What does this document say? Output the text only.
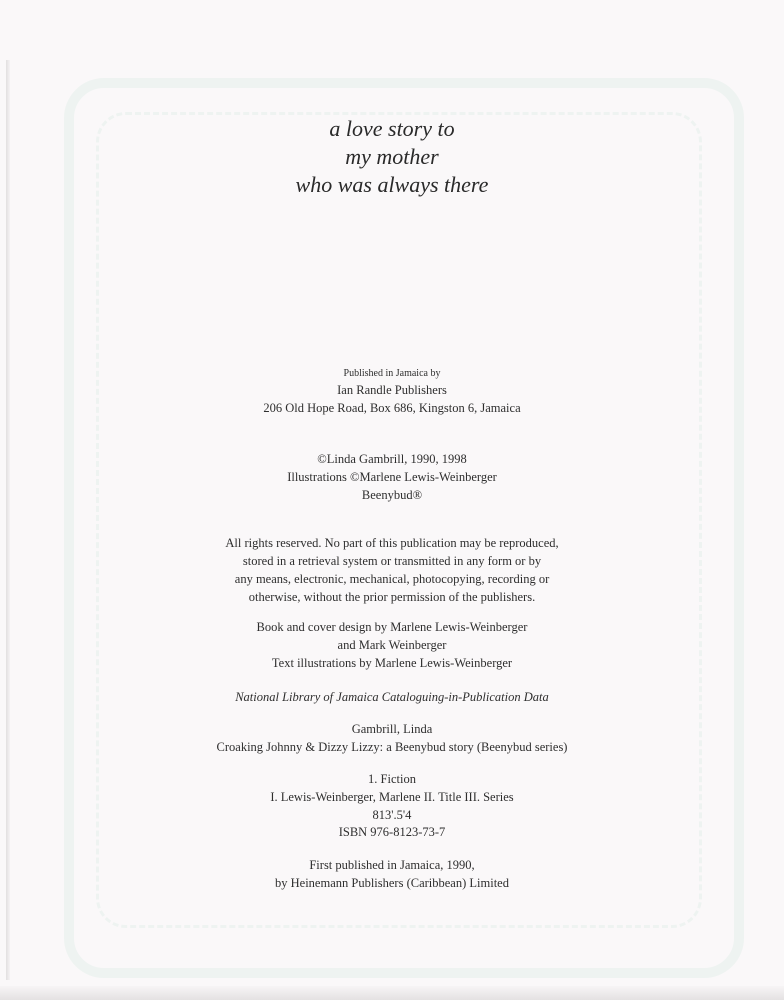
a love story to
my mother
who was always there
Published in Jamaica by
Ian Randle Publishers
206 Old Hope Road, Box 686, Kingston 6, Jamaica
©Linda Gambrill, 1990, 1998
Illustrations ©Marlene Lewis-Weinberger
Beenybud®
All rights reserved. No part of this publication may be reproduced,
stored in a retrieval system or transmitted in any form or by
any means, electronic, mechanical, photocopying, recording or
otherwise, without the prior permission of the publishers.
Book and cover design by Marlene Lewis-Weinberger
and Mark Weinberger
Text illustrations by Marlene Lewis-Weinberger
National Library of Jamaica Cataloguing-in-Publication Data
Gambrill, Linda
Croaking Johnny & Dizzy Lizzy: a Beenybud story (Beenybud series)
1. Fiction
I. Lewis-Weinberger, Marlene II. Title III. Series
813'.5'4
ISBN 976-8123-73-7
First published in Jamaica, 1990,
by Heinemann Publishers (Caribbean) Limited
